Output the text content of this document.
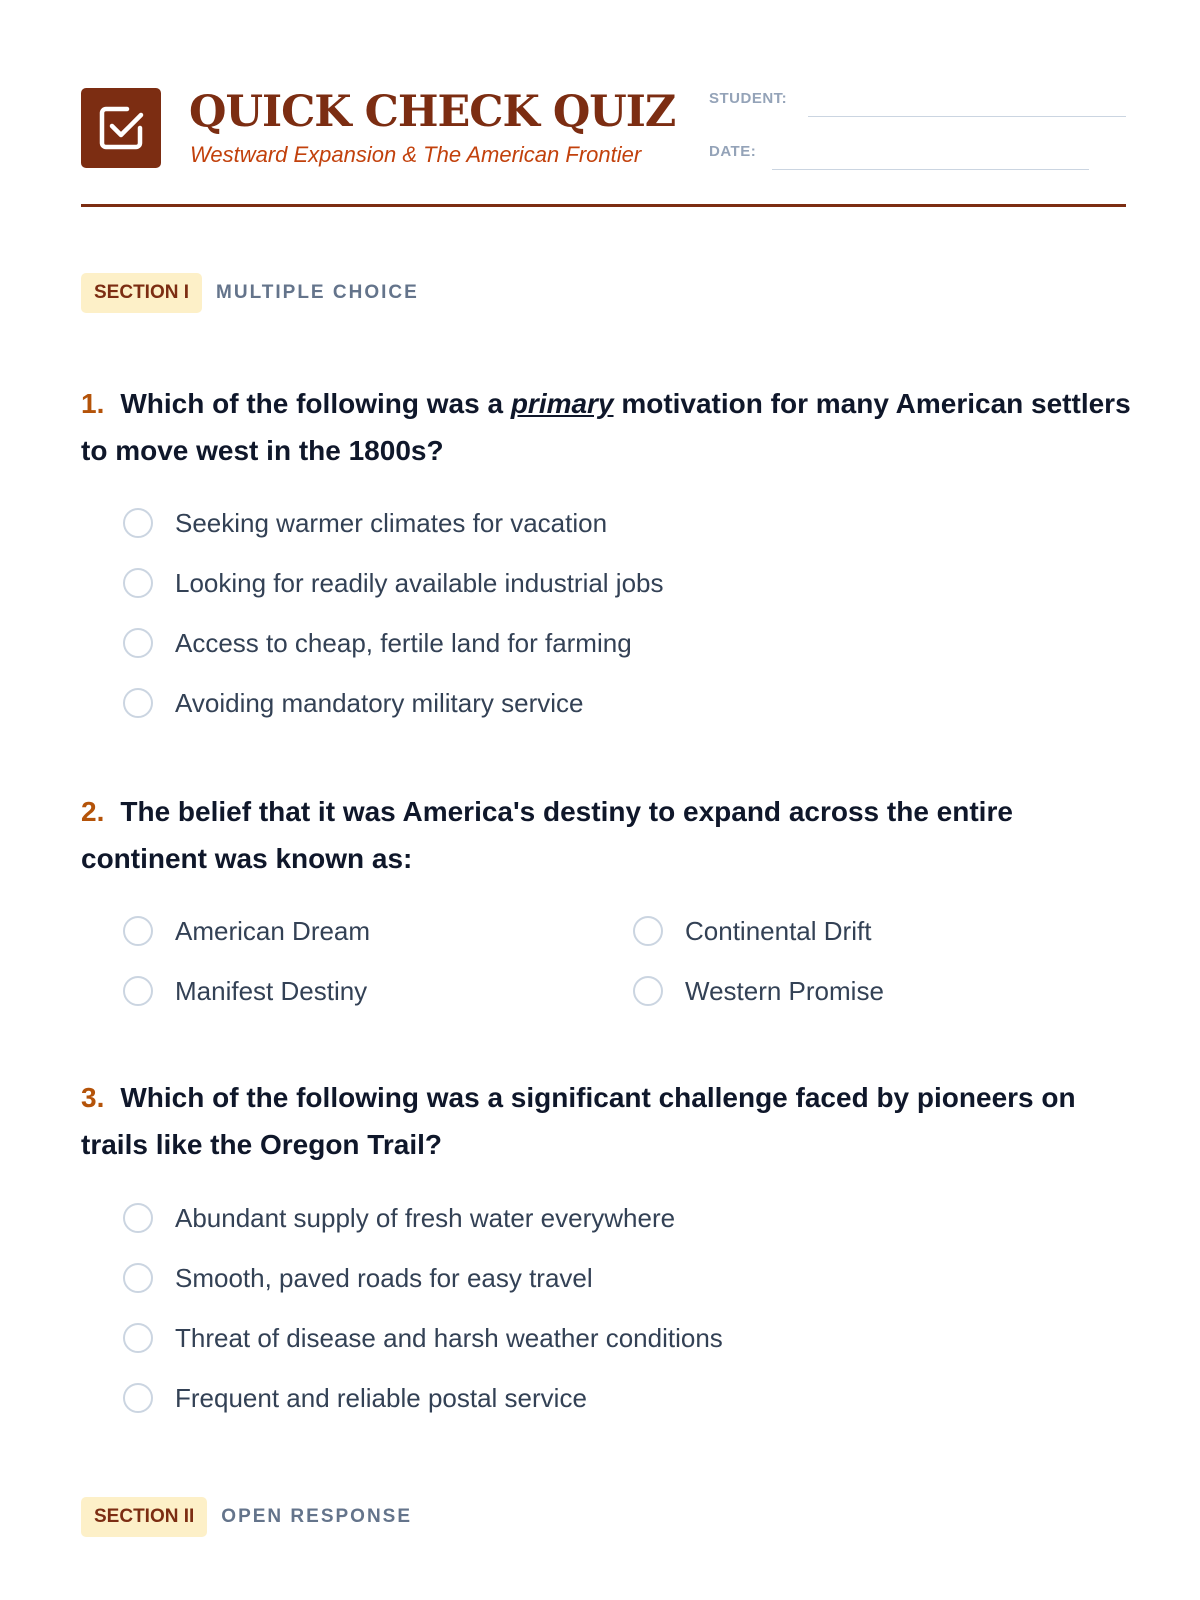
QUICK CHECK QUIZ
Westward Expansion & The American Frontier
STUDENT:
DATE:
SECTION I	MULTIPLE CHOICE

1. Which of the following was a primary motivation for many American settlers to move west in the 1800s?

Seeking warmer climates for vacation
Looking for readily available industrial jobs
Access to cheap, fertile land for farming
Avoiding mandatory military service

2. The belief that it was America's destiny to expand across the entire continent was known as:

American Dream	Continental Drift
Manifest Destiny	Western Promise

3. Which of the following was a significant challenge faced by pioneers on trails like the Oregon Trail?

Abundant supply of fresh water everywhere
Smooth, paved roads for easy travel
Threat of disease and harsh weather conditions
Frequent and reliable postal service
SECTION II	OPEN RESPONSE
